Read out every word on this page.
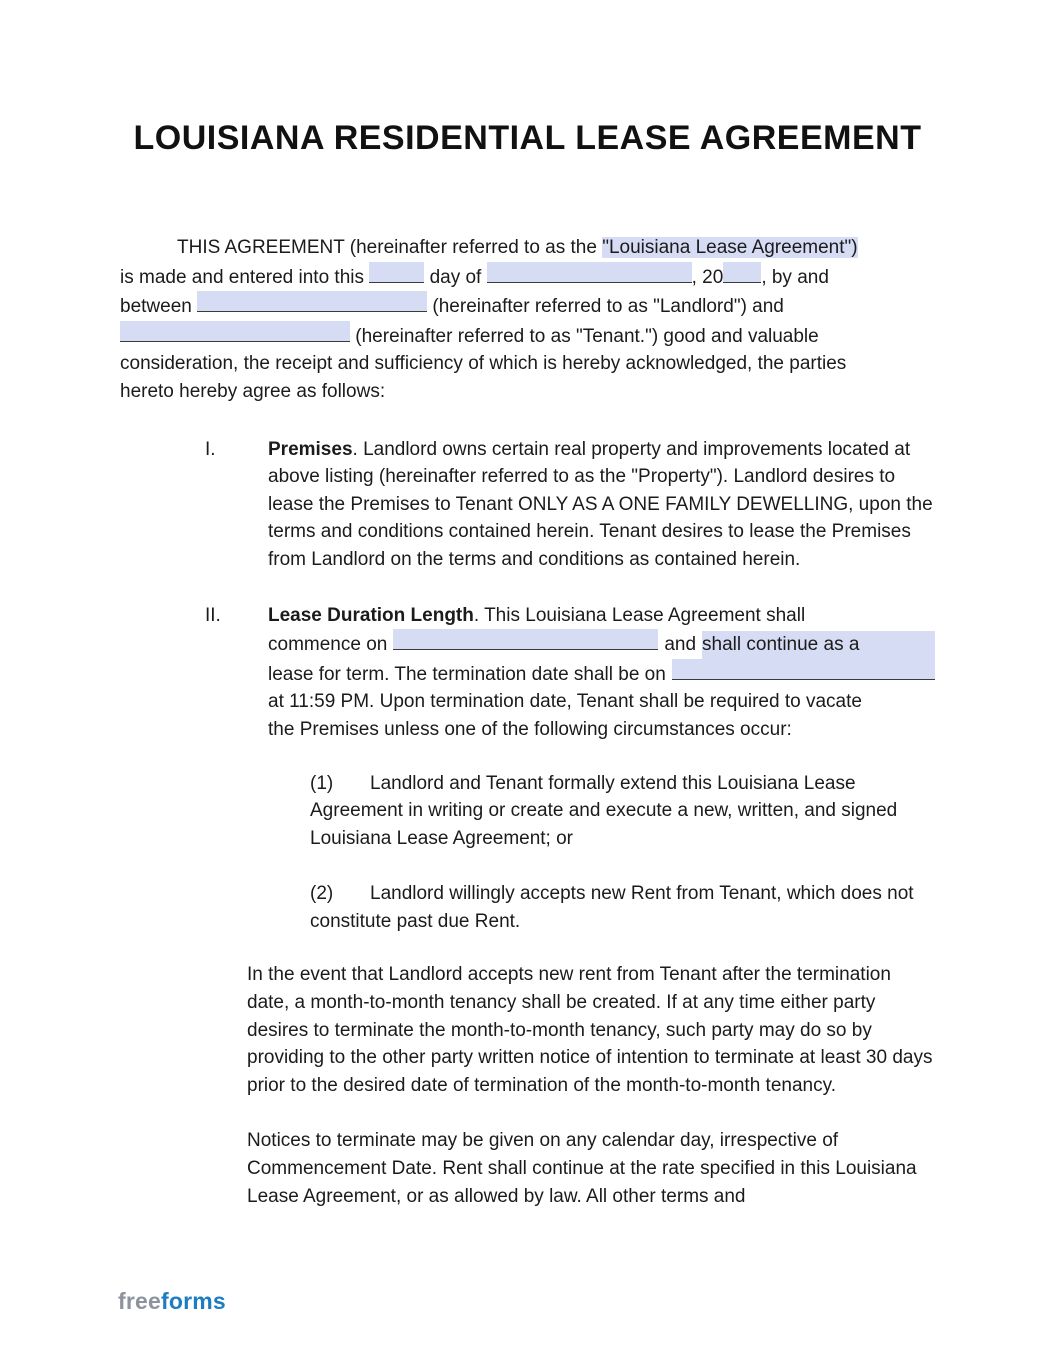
LOUISIANA RESIDENTIAL LEASE AGREEMENT
THIS AGREEMENT (hereinafter referred to as the "Louisiana Lease Agreement")
is made and entered into this	day of	, 20 , by and
between	(hereinafter referred to as "Landlord") and
(hereinafter referred to as "Tenant.") good and valuable
consideration, the receipt and sufficiency of which is hereby acknowledged, the parties
hereto hereby agree as follows:
I.	Premises. Landlord owns certain real property and improvements located at above listing (hereinafter referred to as the "Property"). Landlord desires to lease the Premises to Tenant ONLY AS A ONE FAMILY DEWELLING, upon the terms and conditions contained herein. Tenant desires to lease the Premises from Landlord on the terms and conditions as contained herein.
II.	Lease Duration Length. This Louisiana Lease Agreement shall
commence on	and shall continue as a
lease for term. The termination date shall be on
at 11:59 PM. Upon termination date, Tenant shall be required to vacate
the Premises unless one of the following circumstances occur:
(1) Landlord and Tenant formally extend this Louisiana Lease Agreement in writing or create and execute a new, written, and signed Louisiana Lease Agreement; or
(2) Landlord willingly accepts new Rent from Tenant, which does not constitute past due Rent.
In the event that Landlord accepts new rent from Tenant after the termination date, a month-to-month tenancy shall be created. If at any time either party desires to terminate the month-to-month tenancy, such party may do so by providing to the other party written notice of intention to terminate at least 30 days prior to the desired date of termination of the month-to-month tenancy.
Notices to terminate may be given on any calendar day, irrespective of Commencement Date. Rent shall continue at the rate specified in this Louisiana Lease Agreement, or as allowed by law. All other terms and
freeforms
